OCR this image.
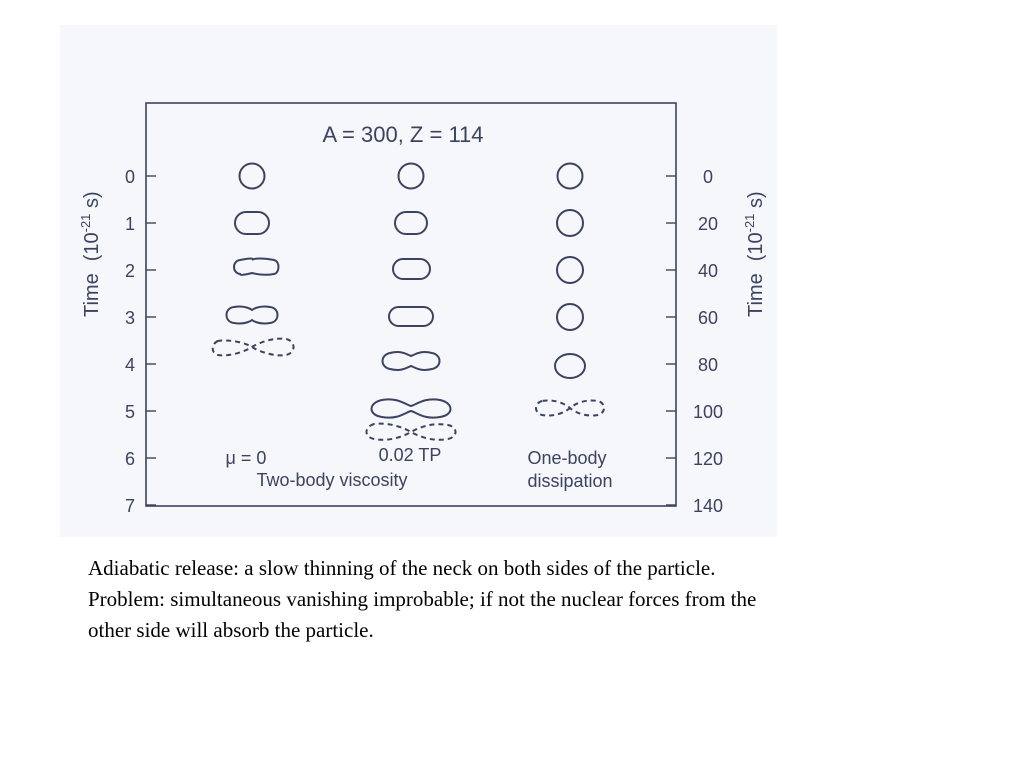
A = 300, Z = 114
0
1
2
3
4
5
6
7
0
20
40
60
80
100
120
140
$Time(10^{-21}$ s)
$Time(10^{-21}$ s)
μ = 0	0.02 TP
Two-body viscosity
One-body
dissipation
Adiabatic release: a slow thinning of the neck on both sides of the particle. Problem: simultaneous vanishing improbable; if not the nuclear forces from the other side will absorb the particle.
